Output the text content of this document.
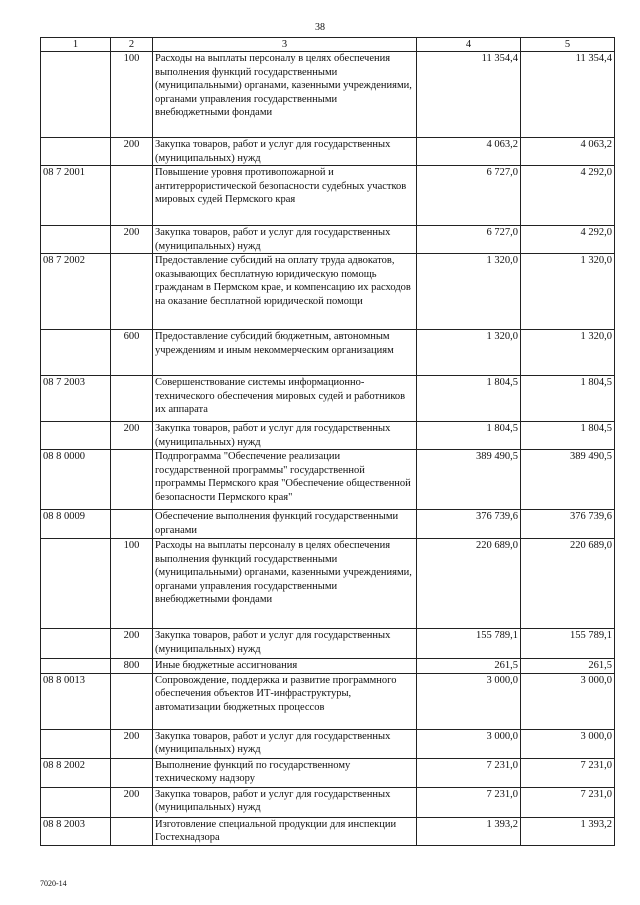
38
1	2	3	4	5
	100	Расходы на выплаты персоналу в целях обеспечения выполнения функций государственными (муниципальными) органами, казенными учреждениями, органами управления государственными внебюджетными фондами	11 354,4	11 354,4
	200	Закупка товаров, работ и услуг для государственных (муниципальных) нужд	4 063,2	4 063,2
08 7 2001		Повышение уровня противопожарной и антитеррористической безопасности судебных участков мировых судей Пермского края	6 727,0	4 292,0
	200	Закупка товаров, работ и услуг для государственных (муниципальных) нужд	6 727,0	4 292,0
08 7 2002		Предоставление субсидий на оплату труда адвокатов, оказывающих бесплатную юридическую помощь гражданам в Пермском крае, и компенсацию их расходов на оказание бесплатной юридической помощи	1 320,0	1 320,0
	600	Предоставление субсидий бюджетным, автономным учреждениям и иным некоммерческим организациям	1 320,0	1 320,0
08 7 2003		Совершенствование системы информационно-технического обеспечения мировых судей и работников их аппарата	1 804,5	1 804,5
	200	Закупка товаров, работ и услуг для государственных (муниципальных) нужд	1 804,5	1 804,5
08 8 0000		Подпрограмма "Обеспечение реализации государственной программы" государственной программы Пермского края "Обеспечение общественной безопасности Пермского края"	389 490,5	389 490,5
08 8 0009		Обеспечение выполнения функций государственными органами	376 739,6	376 739,6
	100	Расходы на выплаты персоналу в целях обеспечения выполнения функций государственными (муниципальными) органами, казенными учреждениями, органами управления государственными внебюджетными фондами	220 689,0	220 689,0
	200	Закупка товаров, работ и услуг для государственных (муниципальных) нужд	155 789,1	155 789,1
	800	Иные бюджетные ассигнования	261,5	261,5
08 8 0013		Сопровождение, поддержка и развитие программного обеспечения объектов ИТ-инфраструктуры, автоматизации бюджетных процессов	3 000,0	3 000,0
	200	Закупка товаров, работ и услуг для государственных (муниципальных) нужд	3 000,0	3 000,0
08 8 2002		Выполнение функций по государственному техническому надзору	7 231,0	7 231,0
	200	Закупка товаров, работ и услуг для государственных (муниципальных) нужд	7 231,0	7 231,0
08 8 2003		Изготовление специальной продукции для инспекции Гостехнадзора	1 393,2	1 393,2
7020-14
